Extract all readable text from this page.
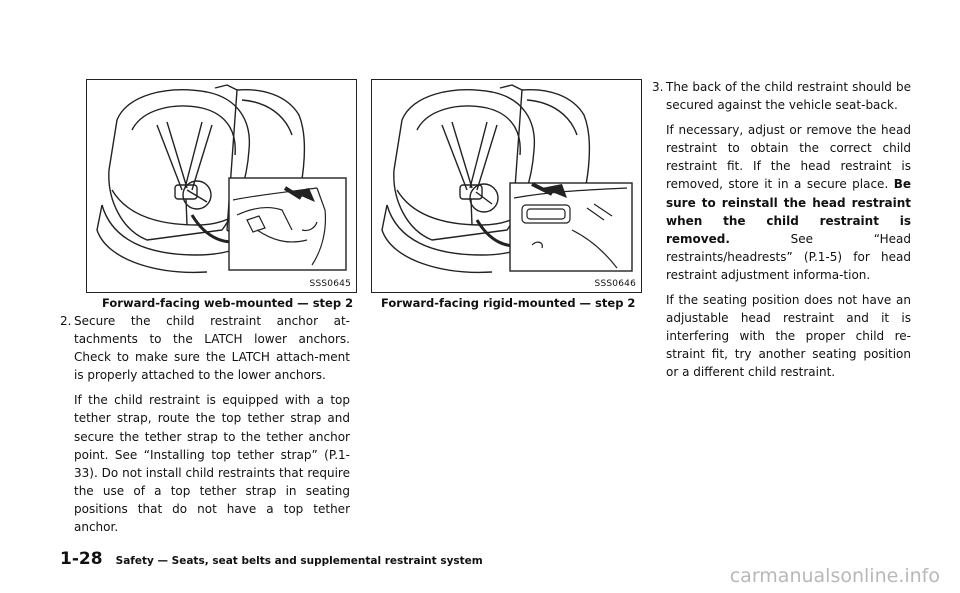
SSS0645
Forward-facing web-mounted — step 2
SSS0646
Forward-facing rigid-mounted — step 2
2. Secure the child restraint anchor at-tachments to the LATCH lower anchors. Check to make sure the LATCH attach-ment is properly attached to the lower anchors.

If the child restraint is equipped with a top tether strap, route the top tether strap and secure the tether strap to the tether anchor point. See “Installing top tether strap” (P.1-33). Do not install child restraints that require the use of a top tether strap in seating positions that do not have a top tether anchor.

3. The back of the child restraint should be secured against the vehicle seat-back.

If necessary, adjust or remove the head restraint to obtain the correct child restraint fit. If the head restraint is removed, store it in a secure place. Be sure to reinstall the head restraint when the child restraint is removed.	See “Head restraints/headrests” (P.1-5) for head restraint adjustment informa-tion.

If the seating position does not have an adjustable head restraint and it is interfering with the proper child re-straint fit, try another seating position or a different child restraint.

1-28 Safety — Seats, seat belts and supplemental restraint system
carmanualsonline.info
